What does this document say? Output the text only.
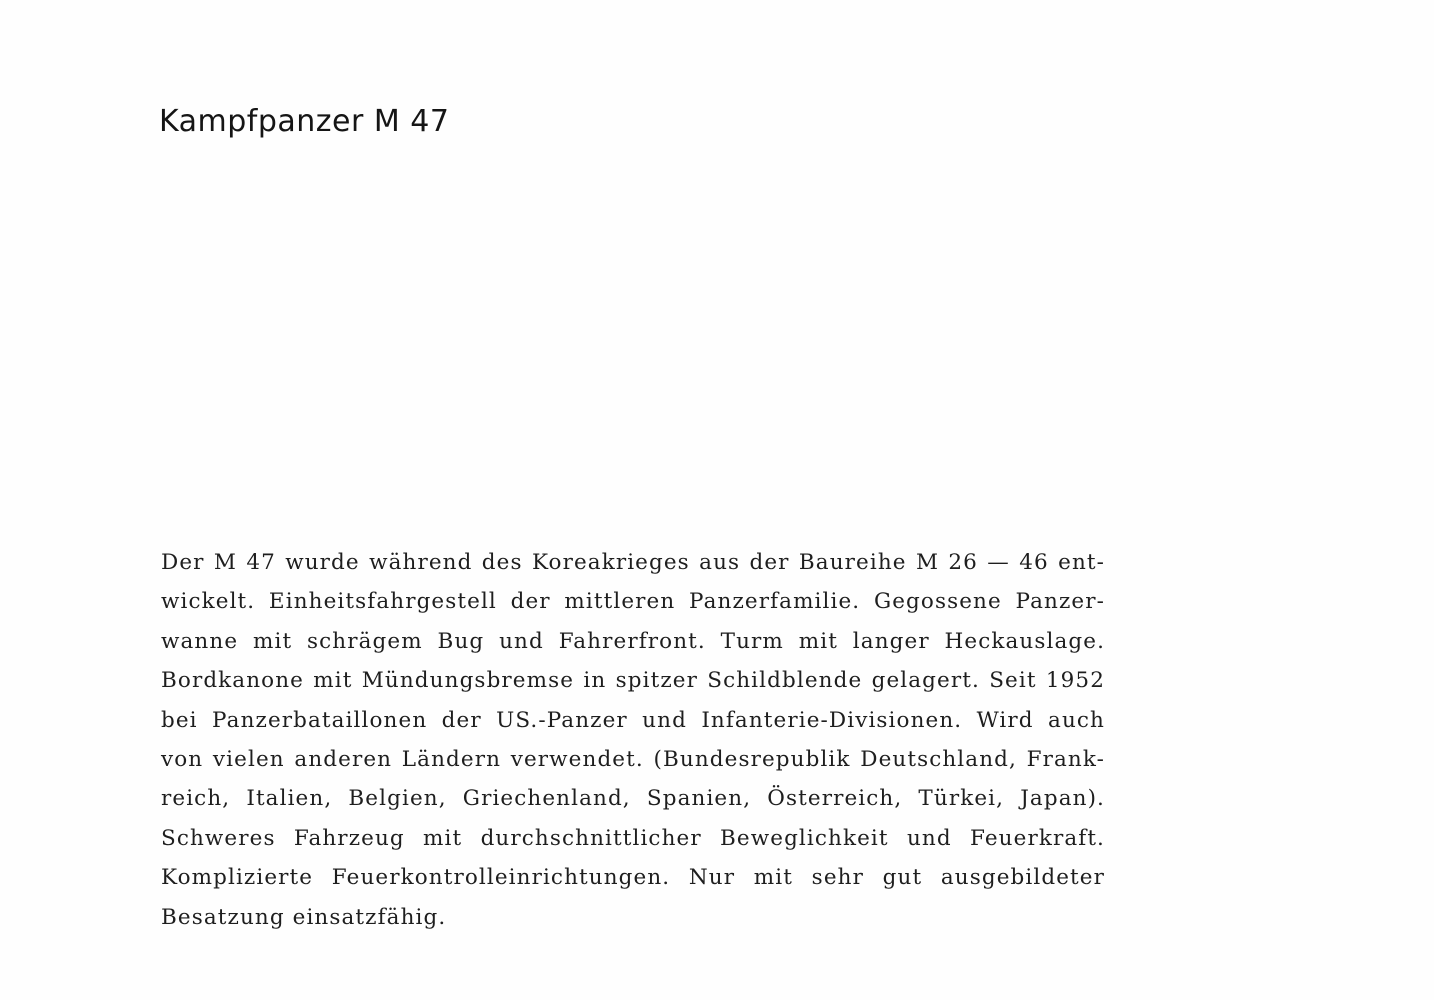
Kampfpanzer M 47
Der M 47 wurde während des Koreakrieges aus der Baureihe M 26 — 46 ent-
wickelt. Einheitsfahrgestell der mittleren Panzerfamilie. Gegossene Panzer-
wanne mit schrägem Bug und Fahrerfront. Turm mit langer Heckauslage.
Bordkanone mit Mündungsbremse in spitzer Schildblende gelagert. Seit 1952
bei Panzerbataillonen der US.-Panzer und Infanterie-Divisionen. Wird auch
von vielen anderen Ländern verwendet. (Bundesrepublik Deutschland, Frank-
reich, Italien, Belgien, Griechenland, Spanien, Österreich, Türkei, Japan).
Schweres Fahrzeug mit durchschnittlicher Beweglichkeit und Feuerkraft.
Komplizierte Feuerkontrolleinrichtungen. Nur mit sehr gut ausgebildeter
Besatzung einsatzfähig.
